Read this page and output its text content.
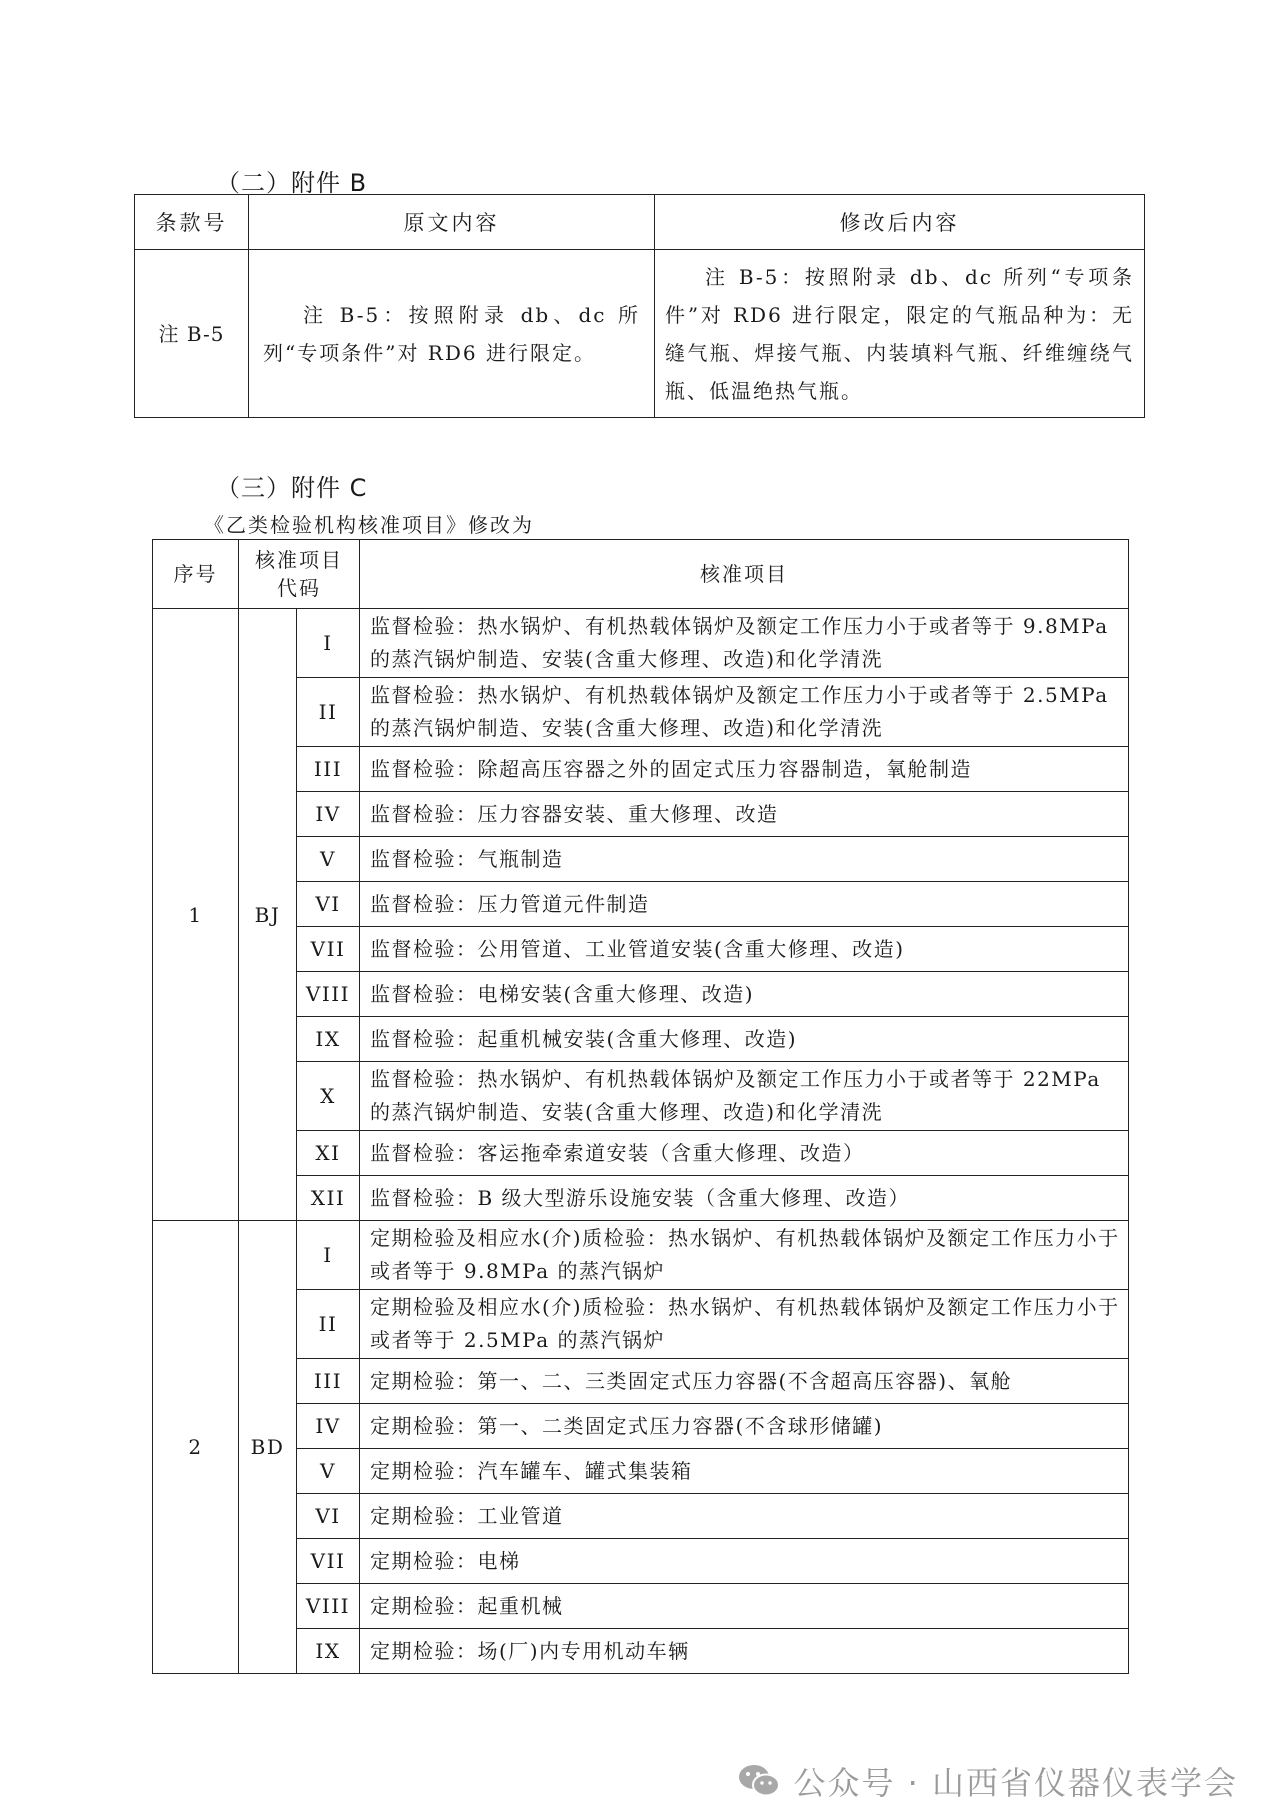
（二）附件 B
条款号	原文内容	修改后内容
注 B-5	注 B-5：按照附录 db、dc 所列“专项条件”对 RD6 进行限定。	注 B-5：按照附录 db、dc 所列“专项条件”对 RD6 进行限定，限定的气瓶品种为：无缝气瓶、焊接气瓶、内装填料气瓶、纤维缠绕气瓶、低温绝热气瓶。
（三）附件 C
《乙类检验机构核准项目》修改为
序号	核准项目代码		核准项目
1	BJ	I	监督检验：热水锅炉、有机热载体锅炉及额定工作压力小于或者等于 9.8MPa 的蒸汽锅炉制造、安装(含重大修理、改造)和化学清洗
		II	监督检验：热水锅炉、有机热载体锅炉及额定工作压力小于或者等于 2.5MPa 的蒸汽锅炉制造、安装(含重大修理、改造)和化学清洗
		III	监督检验：除超高压容器之外的固定式压力容器制造，氧舱制造
		IV	监督检验：压力容器安装、重大修理、改造
		V	监督检验：气瓶制造
		VI	监督检验：压力管道元件制造
		VII	监督检验：公用管道、工业管道安装(含重大修理、改造)
		VIII	监督检验：电梯安装(含重大修理、改造)
		IX	监督检验：起重机械安装(含重大修理、改造)
		X	监督检验：热水锅炉、有机热载体锅炉及额定工作压力小于或者等于 22MPa 的蒸汽锅炉制造、安装(含重大修理、改造)和化学清洗
		XI	监督检验：客运拖牵索道安装（含重大修理、改造）
		XII	监督检验：B 级大型游乐设施安装（含重大修理、改造）
2	BD	I	定期检验及相应水(介)质检验：热水锅炉、有机热载体锅炉及额定工作压力小于或者等于 9.8MPa 的蒸汽锅炉
		II	定期检验及相应水(介)质检验：热水锅炉、有机热载体锅炉及额定工作压力小于或者等于 2.5MPa 的蒸汽锅炉
		III	定期检验：第一、二、三类固定式压力容器(不含超高压容器)、氧舱
		IV	定期检验：第一、二类固定式压力容器(不含球形储罐)
		V	定期检验：汽车罐车、罐式集装箱
		VI	定期检验：工业管道
		VII	定期检验：电梯
		VIII	定期检验：起重机械
		IX	定期检验：场(厂)内专用机动车辆
公众号 · 山西省仪器仪表学会
